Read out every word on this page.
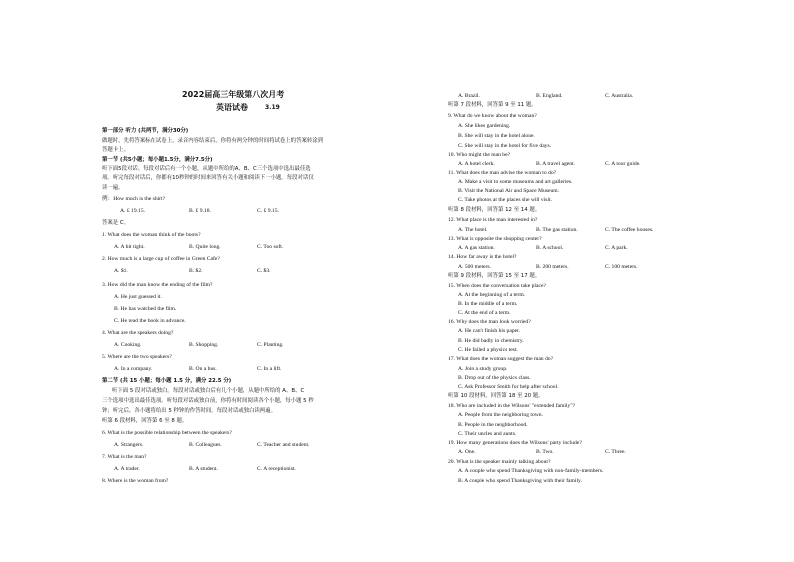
2022届高三年级第八次月考
英语试卷	3.19
第一部分 听力 (共两节，满分30分)
做题时，先将答案标在试卷上。录音内容结束后，你将有两分钟的时间将试卷上的答案转涂到
答题卡上。
第一节 (共5小题；每小题1.5分，满分7.5分)
听下面5段对话。每段对话后有一个小题，从题中所给的A、B、C三个选项中选出最佳选
项。听完每段对话后，你都有10秒钟的时间来回答有关小题和阅读下一小题。每段对话仅
读一遍。
例：How much is the shirt?
A. £ 19.15.	B. £ 9.18.	C. £ 9.15.
答案是 C。
1. What does the woman think of the boots?
A. A bit tight.	B. Quite long.	C. Too soft.
2. How much is a large cup of coffee in Green Cafe?
A. $1.	B. $2.	C. $3.
3. How did the man know the ending of the film?
A. He just guessed it.
B. He has watched the film.
C. He read the book in advance.
4. What are the speakers doing?
A. Cooking.	B. Shopping.	C. Planting.
5. Where are the two speakers?
A. In a company.	B. On a bus.	C. In a lift.
第二节 (共 15 小题；每小题 1.5 分，满分 22.5 分)
听下面 5 段对话或独白。每段对话或独白后有几个小题，从题中所给的 A、B、C
三个选项中选出最佳选项。听每段对话或独白前，你将有时间阅读各个小题，每小题 5 秒
钟；听完后，各小题将给出 5 秒钟的作答时间。每段对话或独白读两遍。
听第 6 段材料，回答第 6 至 8 题。
6. What is the possible relationship between the speakers?
A. Strangers.	B. Colleagues.	C. Teacher and student.
7. What is the man?
A. A trader.	B. A student.	C. A receptionist.
8. Where is the woman from?
A. Brazil.	B. England.	C. Australia.
听第 7 段材料，回答第 9 至 11 题。
9. What do we know about the woman?
A. She likes gardening.
B. She will stay in the hotel alone.
C. She will stay in the hotel for five days.
10. Who might the man be?
A. A hotel clerk.	B. A travel agent.	C. A tour guide.
11. What does the man advise the woman to do?
A. Make a visit to some museums and art galleries.
B. Visit the National Air and Space Museum.
C. Take photos at the places she will visit.
听第 8 段材料，回答第 12 至 14 题。
12. What place is the man interested in?
A. The hotel.	B. The gas station.	C. The coffee houses.
13. What is opposite the shopping center?
A. A gas station.	B. A school.	C. A park.
14. How far away is the hotel?
A. 500 meters.	B. 200 meters.	C. 100 meters.
听第 9 段材料，回答第 15 至 17 题。
15. When does the conversation take place?
A. At the beginning of a term.
B. In the middle of a term.
C. At the end of a term.
16. Why does the man look worried?
A. He can't finish his paper.
B. He did badly in chemistry.
C. He failed a physics test.
17. What does the woman suggest the man do?
A. Join a study group.
B. Drop out of the physics class.
C. Ask Professor Smith for help after school.
听第 10 段材料，回答第 18 至 20 题。
18. Who are included in the Wilsons' "extended family"?
A. People from the neighboring town.
B. People in the neighborhood.
C. Their uncles and aunts.
19. How many generations does the Wilsons' party include?
A. One.	B. Two.	C. Three.
20. What is the speaker mainly talking about?
A. A couple who spend Thanksgiving with non-family-members.
B. A couple who spend Thanksgiving with their family.
